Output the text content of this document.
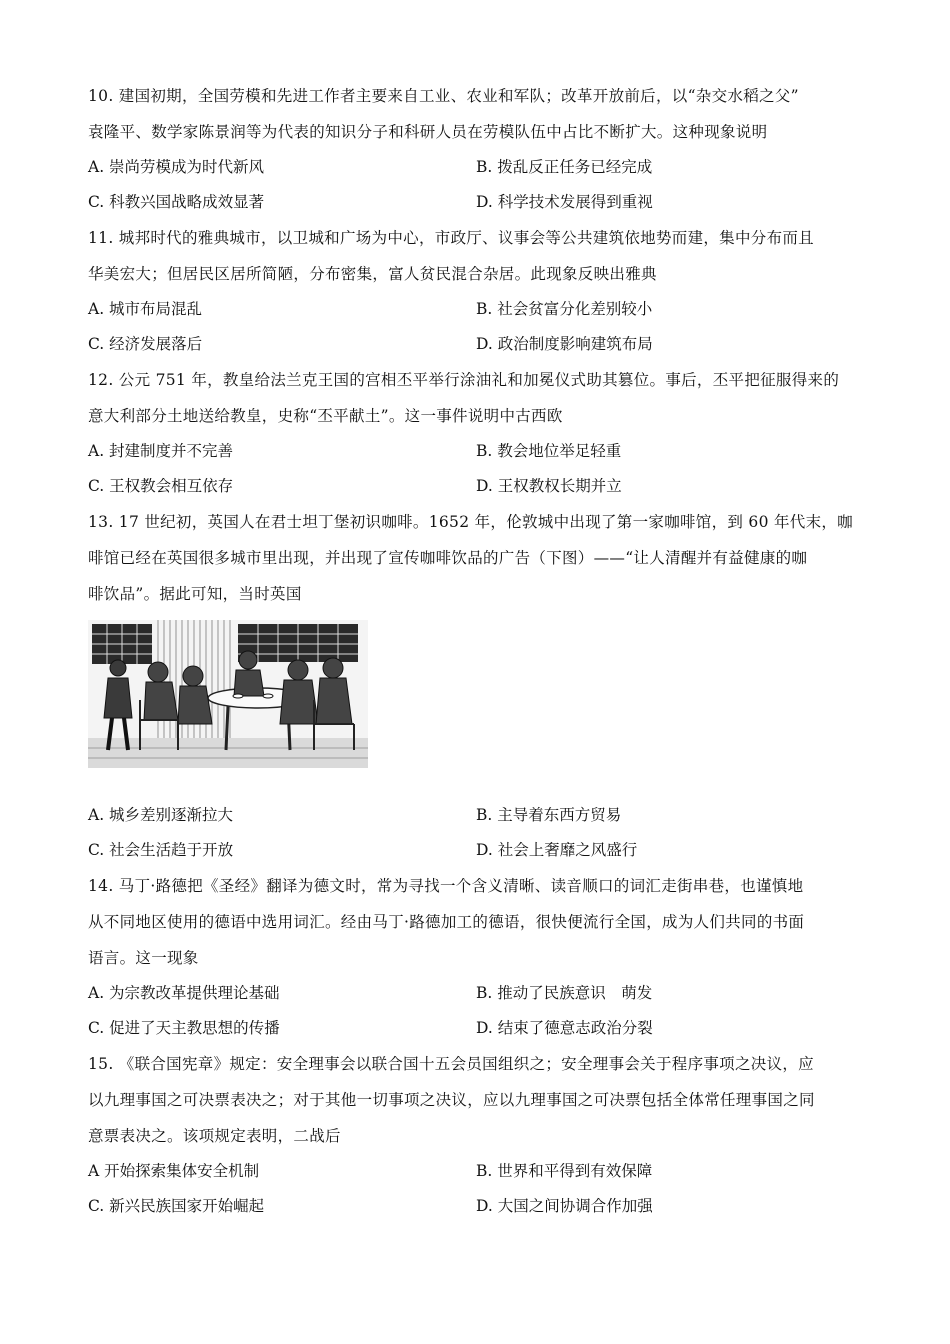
10. 建国初期，全国劳模和先进工作者主要来自工业、农业和军队；改革开放前后，以“杂交水稻之父”

袁隆平、数学家陈景润等为代表的知识分子和科研人员在劳模队伍中占比不断扩大。这种现象说明

A. 崇尚劳模成为时代新风	B. 拨乱反正任务已经完成
C. 科教兴国战略成效显著	D. 科学技术发展得到重视

11. 城邦时代的雅典城市，以卫城和广场为中心，市政厅、议事会等公共建筑依地势而建，集中分布而且

华美宏大；但居民区居所简陋，分布密集，富人贫民混合杂居。此现象反映出雅典

A. 城市布局混乱	B. 社会贫富分化差别较小
C. 经济发展落后	D. 政治制度影响建筑布局

12. 公元 751 年，教皇给法兰克王国的宫相丕平举行涂油礼和加冕仪式助其篡位。事后，丕平把征服得来的

意大利部分土地送给教皇，史称“丕平献土”。这一事件说明中古西欧

A. 封建制度并不完善	B. 教会地位举足轻重
C. 王权教会相互依存	D. 王权教权长期并立

13. 17 世纪初，英国人在君士坦丁堡初识咖啡。1652 年，伦敦城中出现了第一家咖啡馆，到 60 年代末，咖

啡馆已经在英国很多城市里出现，并出现了宣传咖啡饮品的广告（下图）——“让人清醒并有益健康的咖

啡饮品”。据此可知，当时英国

A. 城乡差别逐渐拉大	B. 主导着东西方贸易
C. 社会生活趋于开放	D. 社会上奢靡之风盛行

14. 马丁·路德把《圣经》翻译为德文时，常为寻找一个含义清晰、读音顺口的词汇走街串巷，也谨慎地

从不同地区使用的德语中选用词汇。经由马丁·路德加工的德语，很快便流行全国，成为人们共同的书面

语言。这一现象

A. 为宗教改革提供理论基础	B. 推动了民族意识　萌发
C. 促进了天主教思想的传播	D. 结束了德意志政治分裂

15. 《联合国宪章》规定：安全理事会以联合国十五会员国组织之；安全理事会关于程序事项之决议，应

以九理事国之可决票表决之；对于其他一切事项之决议，应以九理事国之可决票包括全体常任理事国之同

意票表决之。该项规定表明，二战后

A 开始探索集体安全机制	B. 世界和平得到有效保障
C. 新兴民族国家开始崛起	D. 大国之间协调合作加强
